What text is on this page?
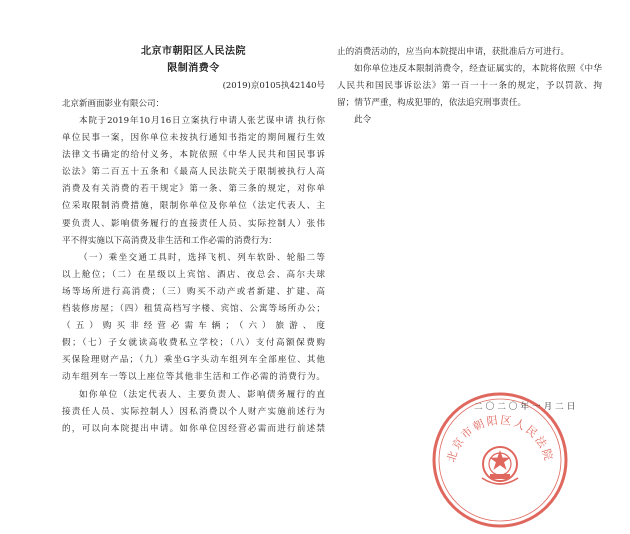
北京市朝阳区人民法院
限制消费令
(2019)京0105执42140号
北京新画面影业有限公司：
本院于2019年10月16日立案执行申请人张艺谋申请 执行你
单位民事一案，因你单位未按执行通知书指定的期间履行生效
法律文书确定的给付义务，本院依照《中华人民共和国民事诉
讼法》第二百五十五条和《最高人民法院关于限制被执行人高
消费及有关消费的若干规定》第一条、第三条的规定，对你单
位采取限制消费措施，限制你单位及你单位（法定代表人、主
要负责人、影响债务履行的直接责任人员、实际控制人）张伟
平不得实施以下高消费及非生活和工作必需的消费行为：
（一）乘坐交通工具时，选择飞机、列车软卧、轮船二等
以上舱位；（二）在星级以上宾馆、酒店、夜总会、高尔夫球
场等场所进行高消费；（三）购买不动产或者新建、扩建、高
档装修房屋；（四）租赁高档写字楼、宾馆、公寓等场所办公；
（五）购买非经营必需车辆；（六）旅游、度
假；（七）子女就读高收费私立学校；（八）支付高额保费购
买保险理财产品；（九）乘坐G字头动车组列车全部座位、其他
动车组列车一等以上座位等其他非生活和工作必需的消费行为。
如你单位（法定代表人、主要负责人、影响债务履行的直
接责任人员、实际控制人）因私消费以个人财产实施前述行为
的，可以向本院提出申请。如你单位因经营必需而进行前述禁
止的消费活动的，应当向本院提出申请，获批准后方可进行。
如你单位违反本限制消费令，经查证属实的，本院将依照《中华
人民共和国民事诉讼法》第一百一十一条的规定，予以罚款、拘
留；情节严重，构成犯罪的，依法追究刑事责任。
此令
北京市朝阳区人民法院
二〇二〇年一月二日
